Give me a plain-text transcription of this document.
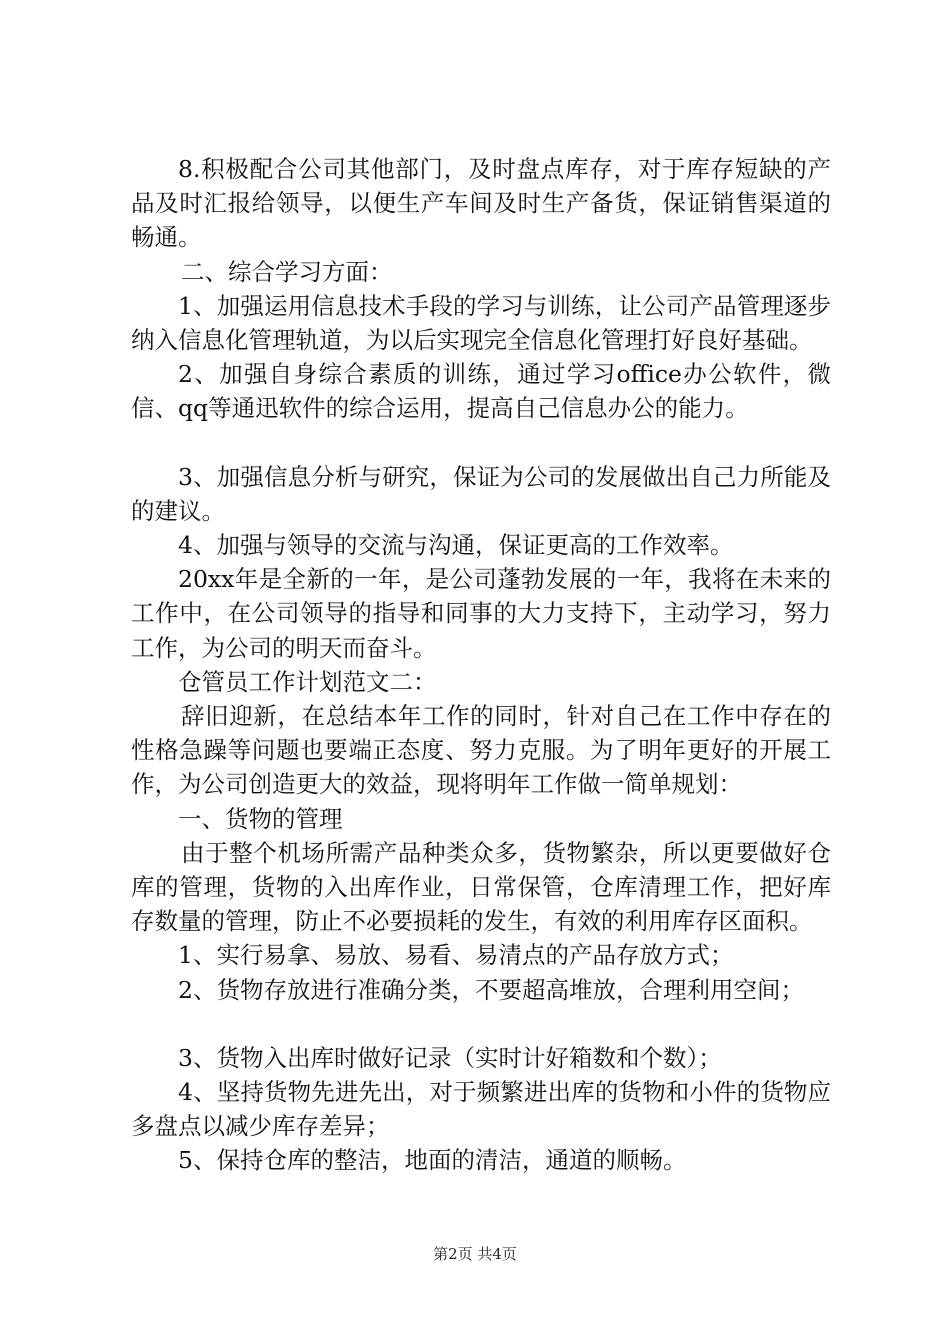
8.积极配合公司其他部门，及时盘点库存，对于库存短缺的产品及时汇报给领导，以便生产车间及时生产备货，保证销售渠道的畅通。

二、综合学习方面：

1、加强运用信息技术手段的学习与训练，让公司产品管理逐步纳入信息化管理轨道，为以后实现完全信息化管理打好良好基础。

2、加强自身综合素质的训练，通过学习office办公软件，微信、qq等通迅软件的综合运用，提高自己信息办公的能力。

3、加强信息分析与研究，保证为公司的发展做出自己力所能及的建议。

4、加强与领导的交流与沟通，保证更高的工作效率。

20xx年是全新的一年，是公司蓬勃发展的一年，我将在未来的工作中，在公司领导的指导和同事的大力支持下，主动学习，努力工作，为公司的明天而奋斗。

仓管员工作计划范文二：

辞旧迎新，在总结本年工作的同时，针对自己在工作中存在的性格急躁等问题也要端正态度、努力克服。为了明年更好的开展工作，为公司创造更大的效益，现将明年工作做一简单规划：

一、货物的管理

由于整个机场所需产品种类众多，货物繁杂，所以更要做好仓库的管理，货物的入出库作业，日常保管，仓库清理工作，把好库存数量的管理，防止不必要损耗的发生，有效的利用库存区面积。

1、实行易拿、易放、易看、易清点的产品存放方式；

2、货物存放进行准确分类，不要超高堆放，合理利用空间；

3、货物入出库时做好记录（实时计好箱数和个数）；

4、坚持货物先进先出，对于频繁进出库的货物和小件的货物应多盘点以减少库存差异；

5、保持仓库的整洁，地面的清洁，通道的顺畅。

第2页 共4页
